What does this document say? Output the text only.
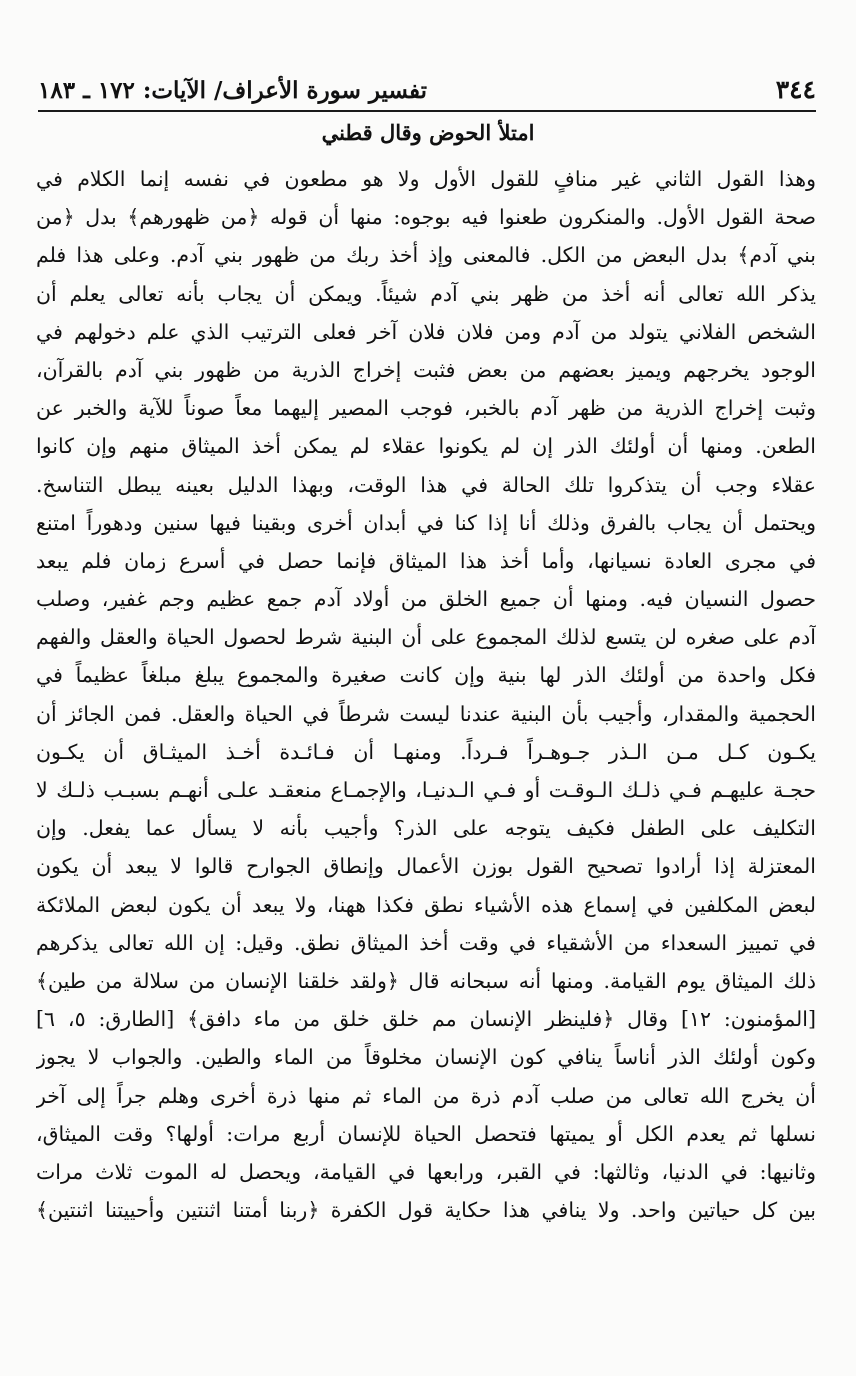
٣٤٤
تفسير سورة الأعراف/ الآيات: ١٧٢ ـ ١٨٣
امتلأ الحوض وقال قطني
وهذا القول الثاني غير منافٍ للقول الأول ولا هو مطعون في نفسه إنما الكلام في
صحة القول الأول. والمنكرون طعنوا فيه بوجوه: منها أن قوله ﴿من ظهورهم﴾ بدل ﴿من
بني آدم﴾ بدل البعض من الكل. فالمعنى وإذ أخذ ربك من ظهور بني آدم. وعلى هذا فلم
يذكر الله تعالى أنه أخذ من ظهر بني آدم شيئاً. ويمكن أن يجاب بأنه تعالى يعلم أن
الشخص الفلاني يتولد من آدم ومن فلان فلان آخر فعلى الترتيب الذي علم دخولهم في
الوجود يخرجهم ويميز بعضهم من بعض فثبت إخراج الذرية من ظهور بني آدم بالقرآن،
وثبت إخراج الذرية من ظهر آدم بالخبر، فوجب المصير إليهما معاً صوناً للآية والخبر عن
الطعن. ومنها أن أولئك الذر إن لم يكونوا عقلاء لم يمكن أخذ الميثاق منهم وإن كانوا
عقلاء وجب أن يتذكروا تلك الحالة في هذا الوقت، وبهذا الدليل بعينه يبطل التناسخ.
ويحتمل أن يجاب بالفرق وذلك أنا إذا كنا في أبدان أخرى وبقينا فيها سنين ودهوراً امتنع
في مجرى العادة نسيانها، وأما أخذ هذا الميثاق فإنما حصل في أسرع زمان فلم يبعد
حصول النسيان فيه. ومنها أن جميع الخلق من أولاد آدم جمع عظيم وجم غفير، وصلب
آدم على صغره لن يتسع لذلك المجموع على أن البنية شرط لحصول الحياة والعقل والفهم
فكل واحدة من أولئك الذر لها بنية وإن كانت صغيرة والمجموع يبلغ مبلغاً عظيماً في
الحجمية والمقدار، وأجيب بأن البنية عندنا ليست شرطاً في الحياة والعقل. فمن الجائز أن
يكـون كـل مـن الـذر جـوهـراً فـرداً. ومنهـا أن فـائـدة أخـذ الميثـاق أن يكـون
حجـة عليهـم فـي ذلـك الـوقـت أو فـي الـدنيـا، والإجمـاع منعقـد علـى أنهـم بسبـب ذلـك لا
التكليف على الطفل فكيف يتوجه على الذر؟ وأجيب بأنه لا يسأل عما يفعل. وإن
المعتزلة إذا أرادوا تصحيح القول بوزن الأعمال وإنطاق الجوارح قالوا لا يبعد أن يكون
لبعض المكلفين في إسماع هذه الأشياء نطق فكذا ههنا، ولا يبعد أن يكون لبعض الملائكة
في تمييز السعداء من الأشقياء في وقت أخذ الميثاق نطق. وقيل: إن الله تعالى يذكرهم
ذلك الميثاق يوم القيامة. ومنها أنه سبحانه قال ﴿ولقد خلقنا الإنسان من سلالة من طين﴾
[المؤمنون: ١٢] وقال ﴿فلينظر الإنسان مم خلق خلق من ماء دافق﴾ [الطارق: ٥، ٦]
وكون أولئك الذر أناساً ينافي كون الإنسان مخلوقاً من الماء والطين. والجواب لا يجوز
أن يخرج الله تعالى من صلب آدم ذرة من الماء ثم منها ذرة أخرى وهلم جراً إلى آخر
نسلها ثم يعدم الكل أو يميتها فتحصل الحياة للإنسان أربع مرات: أولها؟ وقت الميثاق،
وثانيها: في الدنيا، وثالثها: في القبر، ورابعها في القيامة، ويحصل له الموت ثلاث مرات
بين كل حياتين واحد. ولا ينافي هذا حكاية قول الكفرة ﴿ربنا أمتنا اثنتين وأحييتنا اثنتين﴾
